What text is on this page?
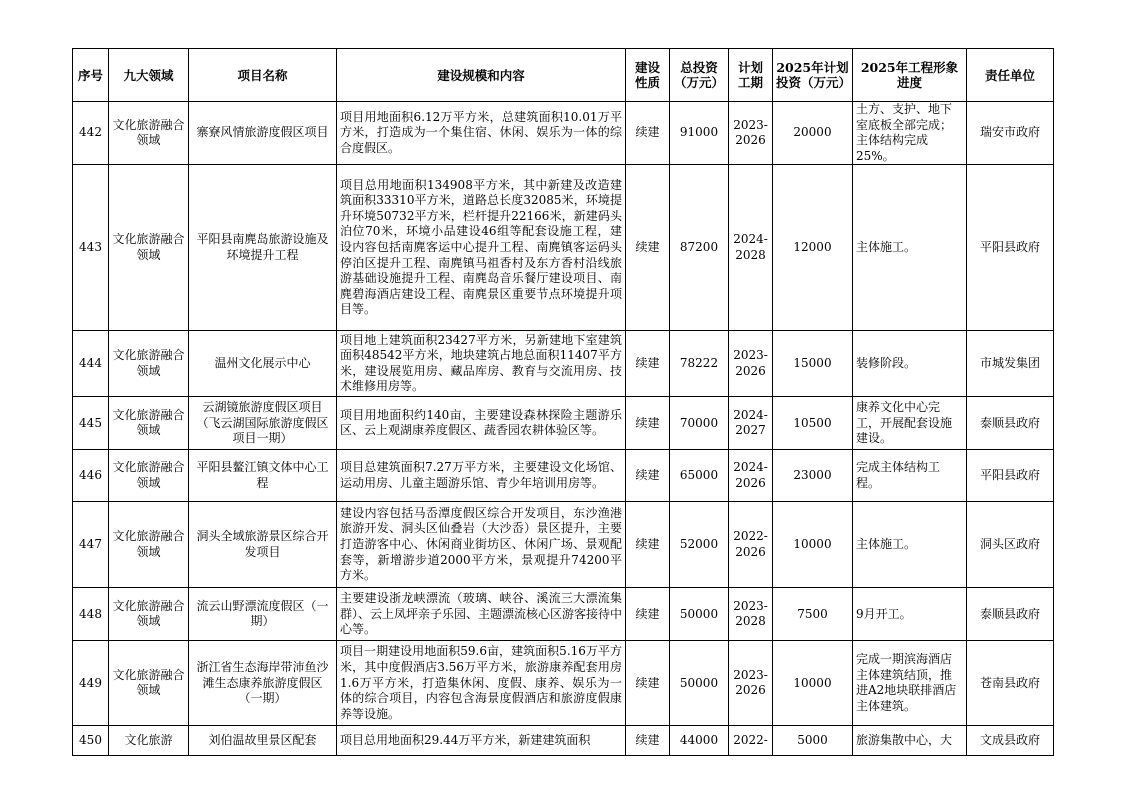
序号	九大领域	项目名称	建设规模和内容	建设性质	总投资（万元）	计划工期	2025年计划投资（万元）	2025年工程形象进度	责任单位
442	文化旅游融合领域	寨寮风情旅游度假区项目	项目用地面积6.12万平方米，总建筑面积10.01万平方米，打造成为一个集住宿、休闲、娱乐为一体的综合度假区。	续建	91000	2023-2026	20000	土方、支护、地下室底板全部完成；主体结构完成25%。	瑞安市政府
443	文化旅游融合领域	平阳县南麂岛旅游设施及环境提升工程	项目总用地面积134908平方米，其中新建及改造建筑面积33310平方米，道路总长度32085米，环境提升环境50732平方米，栏杆提升22166米，新建码头泊位70米，环境小品建设46组等配套设施工程，建设内容包括南麂客运中心提升工程、南麂镇客运码头停泊区提升工程、南麂镇马祖香村及东方香村沿线旅游基础设施提升工程、南麂岛音乐餐厅建设项目、南麂碧海酒店建设工程、南麂景区重要节点环境提升项目等。	续建	87200	2024-2028	12000	主体施工。	平阳县政府
444	文化旅游融合领域	温州文化展示中心	项目地上建筑面积23427平方米，另新建地下室建筑面积48542平方米，地块建筑占地总面积11407平方米，建设展览用房、藏品库房、教育与交流用房、技术维修用房等。	续建	78222	2023-2026	15000	装修阶段。	市城发集团
445	文化旅游融合领域	云湖镜旅游度假区项目（飞云湖国际旅游度假区项目一期）	项目用地面积约140亩，主要建设森林探险主题游乐区、云上观湖康养度假区、蔬香园农耕体验区等。	续建	70000	2024-2027	10500	康养文化中心完工，开展配套设施建设。	泰顺县政府
446	文化旅游融合领域	平阳县鳌江镇文体中心工程	项目总建筑面积7.27万平方米，主要建设文化场馆、运动用房、儿童主题游乐馆、青少年培训用房等。	续建	65000	2024-2026	23000	完成主体结构工程。	平阳县政府
447	文化旅游融合领域	洞头全域旅游景区综合开发项目	建设内容包括马岙潭度假区综合开发项目，东沙渔港旅游开发、洞头区仙叠岩（大沙岙）景区提升，主要打造游客中心、休闲商业街坊区、休闲广场、景观配套等，新增游步道2000平方米，景观提升74200平方米。	续建	52000	2022-2026	10000	主体施工。	洞头区政府
448	文化旅游融合领域	流云山野漂流度假区（一期）	主要建设浙龙峡漂流（玻璃、峡谷、溪流三大漂流集群）、云上凤坪亲子乐园、主题漂流核心区游客接待中心等。	续建	50000	2023-2028	7500	9月开工。	泰顺县政府
449	文化旅游融合领域	浙江省生态海岸带沛鱼沙滩生态康养旅游度假区（一期）	项目一期建设用地面积59.6亩，建筑面积5.16万平方米，其中度假酒店3.56万平方米，旅游康养配套用房1.6万平方米，打造集休闲、度假、康养、娱乐为一体的综合项目，内容包含海景度假酒店和旅游度假康养等设施。	续建	50000	2023-2026	10000	完成一期滨海酒店主体建筑结顶，推进A2地块联排酒店主体建筑。	苍南县政府
450	文化旅游	刘伯温故里景区配套	项目总用地面积29.44万平方米，新建建筑面积	续建	44000	2022-	5000	旅游集散中心，大	文成县政府
